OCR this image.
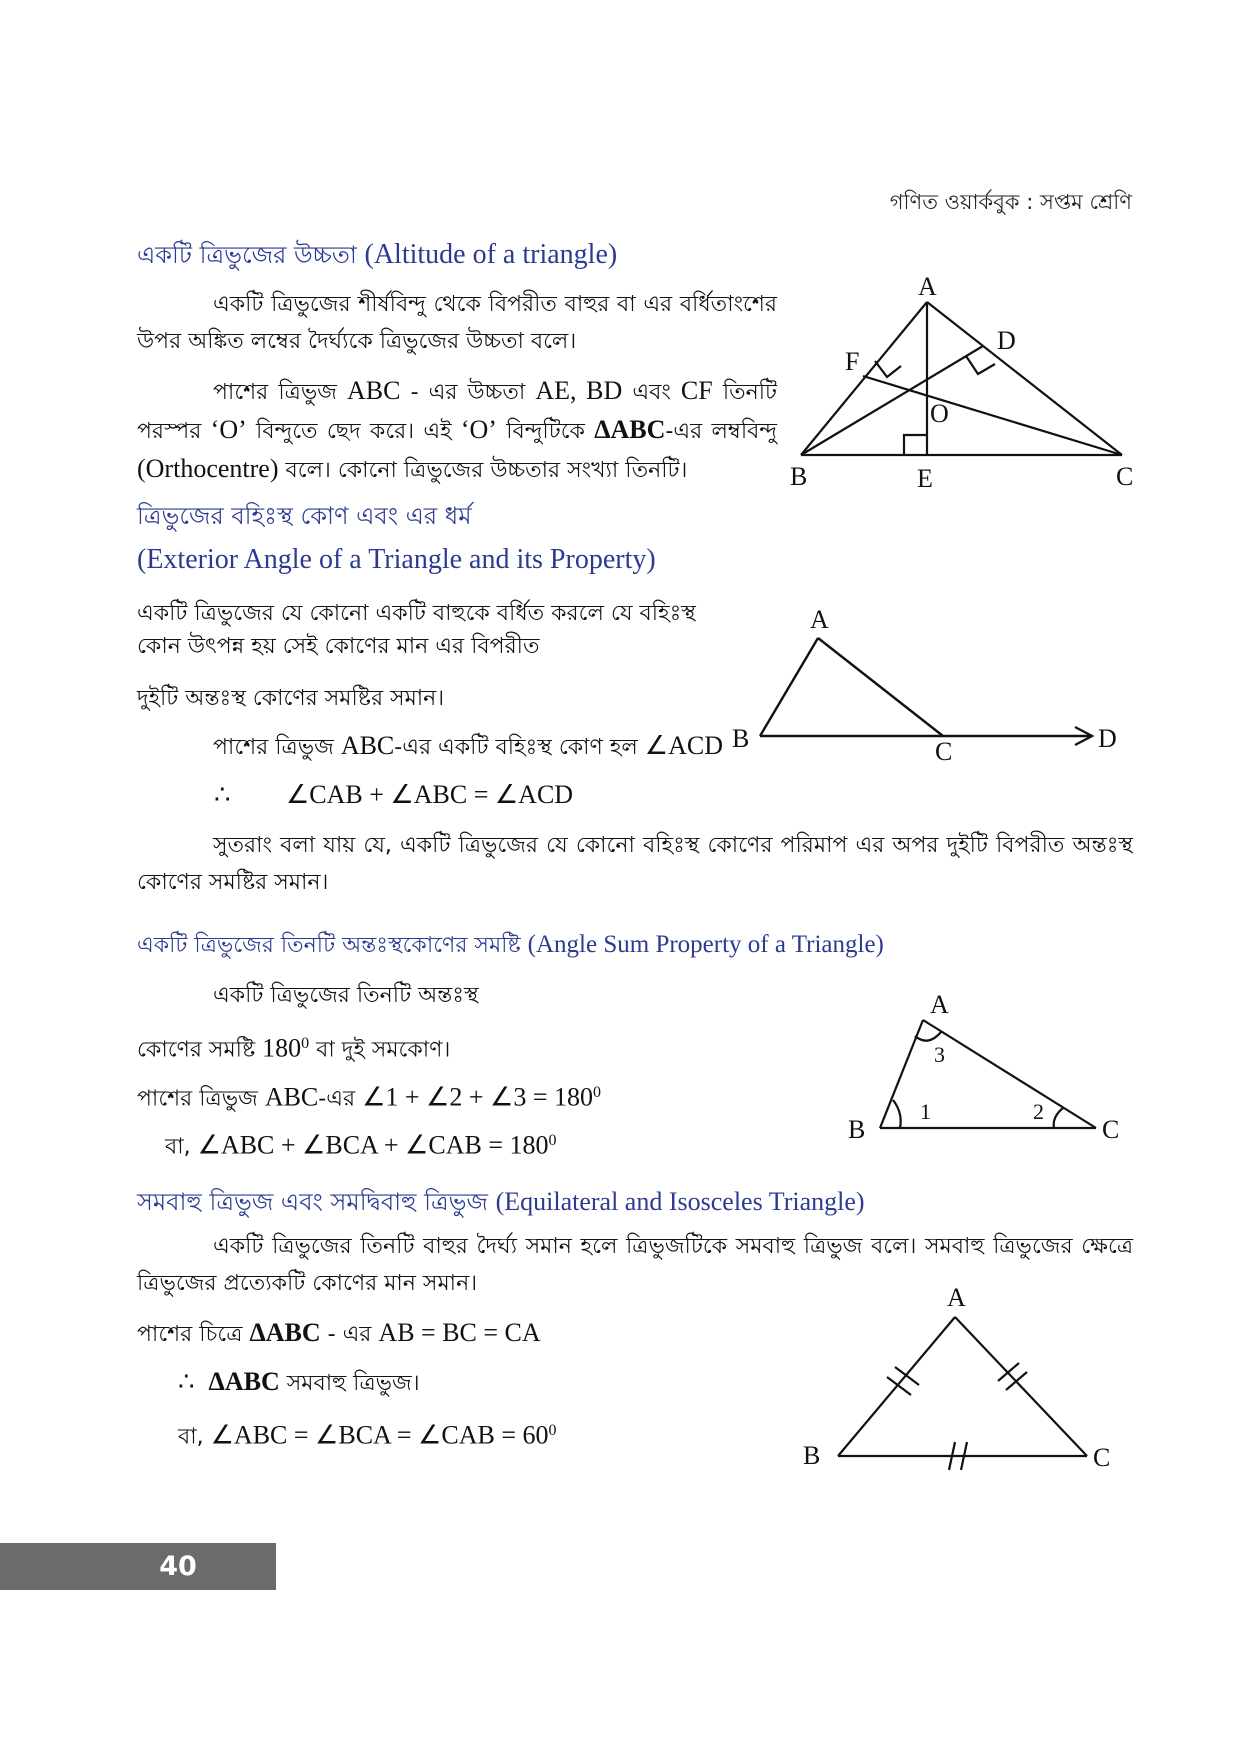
গণিত ওয়ার্কবুক : সপ্তম শ্রেণি
একটি ত্রিভুজের উচ্চতা (Altitude of a triangle)

একটি ত্রিভুজের শীর্ষবিন্দু থেকে বিপরীত বাহুর বা এর বর্ধিতাংশের উপর অঙ্কিত লম্বের দৈর্ঘ্যকে ত্রিভুজের উচ্চতা বলে।

পাশের ত্রিভুজ ABC - এর উচ্চতা AE, BD এবং CF তিনটি পরস্পর ‘O’ বিন্দুতে ছেদ করে। এই ‘O’ বিন্দুটিকে ΔABC-এর লম্ববিন্দু (Orthocentre) বলে। কোনো ত্রিভুজের উচ্চতার সংখ্যা তিনটি।

A
B	C
D
E
F
O
ত্রিভুজের বহিঃস্থ কোণ এবং এর ধর্ম
(Exterior Angle of a Triangle and its Property)
একটি ত্রিভুজের যে কোনো একটি বাহুকে বর্ধিত করলে যে বহিঃস্থ
কোন উৎপন্ন হয় সেই কোণের মান এর বিপরীত
দুইটি অন্তঃস্থ কোণের সমষ্টির সমান।
পাশের ত্রিভুজ ABC-এর একটি বহিঃস্থ কোণ হল ∠ACD
∴ ∠CAB + ∠ABC = ∠ACD
A
B	C	D

সুতরাং বলা যায় যে, একটি ত্রিভুজের যে কোনো বহিঃস্থ কোণের পরিমাপ এর অপর দুইটি বিপরীত অন্তঃস্থ কোণের সমষ্টির সমান।

একটি ত্রিভুজের তিনটি অন্তঃস্থকোণের সমষ্টি (Angle Sum Property of a Triangle)
একটি ত্রিভুজের তিনটি অন্তঃস্থ
কোণের সমষ্টি $180^0$ বা দুই সমকোণ।
পাশের ত্রিভুজ ABC-এর ∠1 + ∠2 + ∠3 = $180^0$
বা, ∠ABC + ∠BCA + ∠CAB = $180^0$
A
B	C
3
1	2
সমবাহু ত্রিভুজ এবং সমদ্বিবাহু ত্রিভুজ (Equilateral and Isosceles Triangle)

একটি ত্রিভুজের তিনটি বাহুর দৈর্ঘ্য সমান হলে ত্রিভুজটিকে সমবাহু ত্রিভুজ বলে। সমবাহু ত্রিভুজের ক্ষেত্রে ত্রিভুজের প্রত্যেকটি কোণের মান সমান।

পাশের চিত্রে ΔABC - এর AB = BC = CA
∴ ΔABC সমবাহু ত্রিভুজ।
বা, ∠ABC = ∠BCA = ∠CAB = $60^0$
A
B	C
40
